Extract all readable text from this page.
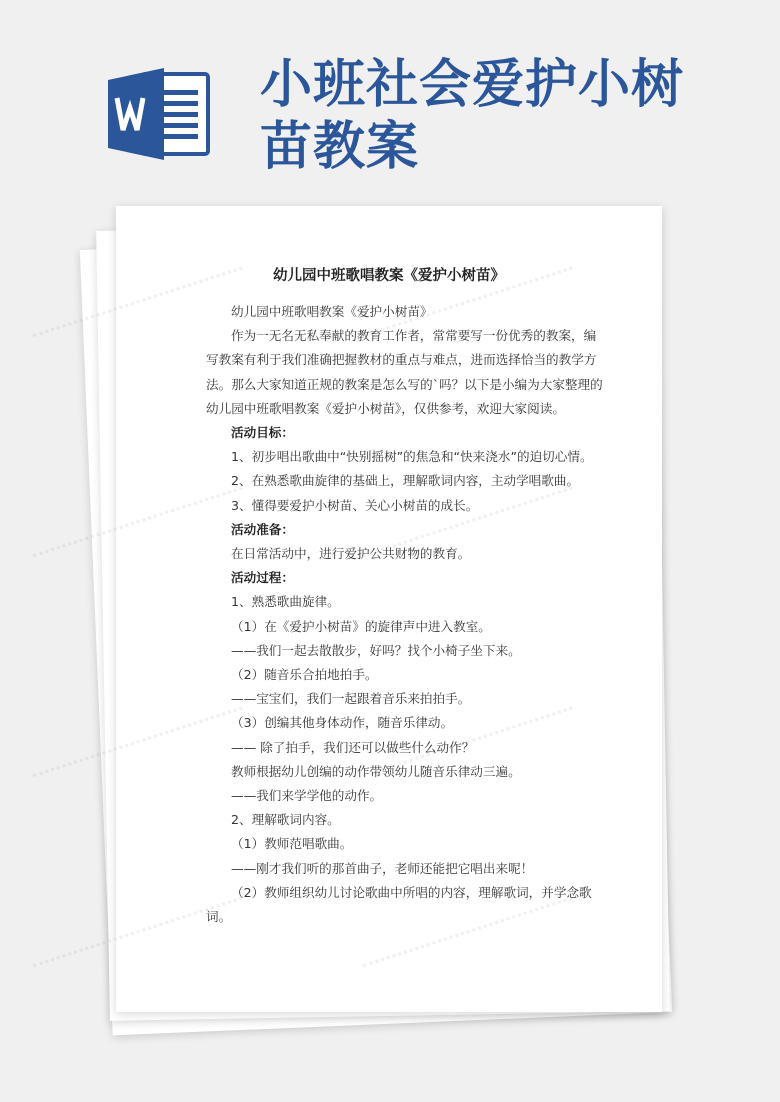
小班社会爱护小树苗教案
幼儿园中班歌唱教案《爱护小树苗》

幼儿园中班歌唱教案《爱护小树苗》

作为一无名无私奉献的教育工作者，常常要写一份优秀的教案，编写教案有利于我们准确把握教材的重点与难点，进而选择恰当的教学方法。那么大家知道正规的教案是怎么写的`吗？以下是小编为大家整理的幼儿园中班歌唱教案《爱护小树苗》，仅供参考，欢迎大家阅读。

活动目标：

1、初步唱出歌曲中“快别摇树”的焦急和“快来浇水”的迫切心情。

2、在熟悉歌曲旋律的基础上，理解歌词内容，主动学唱歌曲。

3、懂得要爱护小树苗、关心小树苗的成长。

活动准备：

在日常活动中，进行爱护公共财物的教育。

活动过程：

1、熟悉歌曲旋律。

（1）在《爱护小树苗》的旋律声中进入教室。

——我们一起去散散步，好吗？找个小椅子坐下来。

（2）随音乐合拍地拍手。

——宝宝们，我们一起跟着音乐来拍拍手。

（3）创编其他身体动作，随音乐律动。

—— 除了拍手，我们还可以做些什么动作？

教师根据幼儿创编的动作带领幼儿随音乐律动三遍。

——我们来学学他的动作。

2、理解歌词内容。

（1）教师范唱歌曲。

——刚才我们听的那首曲子，老师还能把它唱出来呢！

（2）教师组织幼儿讨论歌曲中所唱的内容，理解歌词，并学念歌词。
